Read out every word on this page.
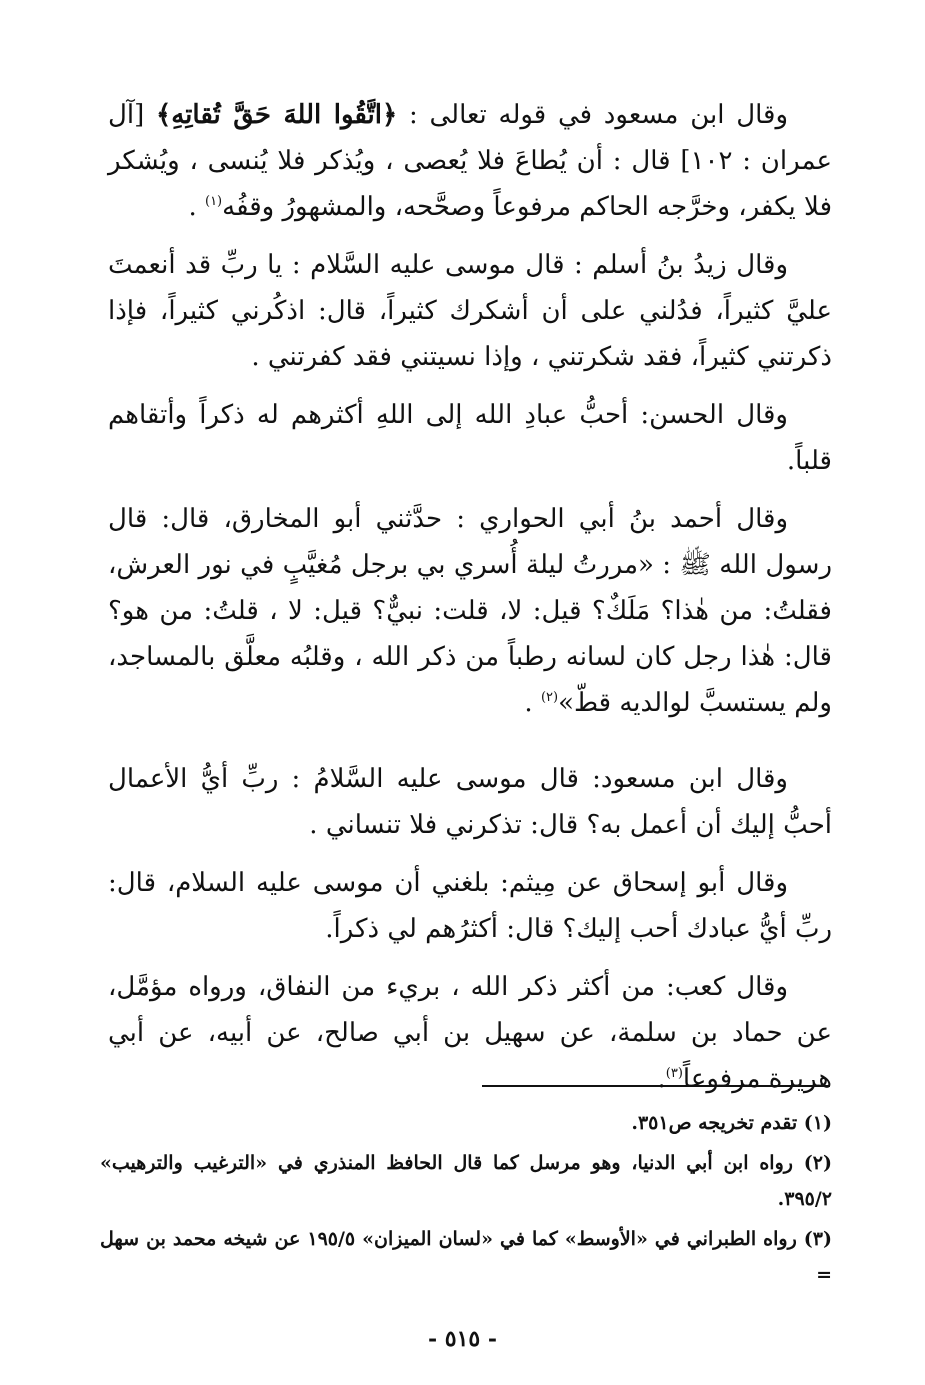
وقال ابن مسعود في قوله تعالى : ﴿اتَّقُوا اللهَ حَقَّ تُقاتِهِ﴾ [آل عمران : ١٠٢] قال : أن يُطاعَ فلا يُعصى ، ويُذكر فلا يُنسى ، ويُشكر فلا يكفر، وخرَّجه الحاكم مرفوعاً وصحَّحه، والمشهورُ وقفُه$^{(١)}$ .

وقال زيدُ بنُ أسلم : قال موسى عليه السَّلام : يا ربِّ قد أنعمتَ عليَّ كثيراً، فدُلني على أن أشكرك كثيراً، قال: اذكُرني كثيراً، فإذا ذكرتني كثيراً، فقد شكرتني ، وإذا نسيتني فقد كفرتني .

وقال الحسن: أحبُّ عبادِ الله إلى اللهِ أكثرهم له ذكراً وأتقاهم قلباً.

وقال أحمد بنُ أبي الحواري : حدَّثني أبو المخارق، قال: قال رسول الله ﷺ : «مررتُ ليلة أُسري بي برجل مُغيَّبٍ في نور العرش، فقلتُ: من هٰذا؟ مَلَكٌ؟ قيل: لا، قلت: نبيٌّ؟ قيل: لا ، قلتُ: من هو؟ قال: هٰذا رجل كان لسانه رطباً من ذكر الله ، وقلبُه معلَّق بالمساجد، ولم يستسبَّ لوالديه قطّ»$^{(٢)}$ .

وقال ابن مسعود: قال موسى عليه السَّلامُ : ربِّ أيُّ الأعمال أحبُّ إليك أن أعمل به؟ قال: تذكرني فلا تنساني .

وقال أبو إسحاق عن مِيثم: بلغني أن موسى عليه السلام، قال: ربِّ أيُّ عبادك أحب إليك؟ قال: أكثرُهم لي ذكراً.

وقال كعب: من أكثر ذكر الله ، بريء من النفاق، ورواه مؤمَّل، عن حماد بن سلمة، عن سهيل بن أبي صالح، عن أبيه، عن أبي هريرة مرفوعاً$^{(٣)}$.

(١) تقدم تخريجه ص٣٥١.

(٢) رواه ابن أبي الدنيا، وهو مرسل كما قال الحافظ المنذري في «الترغيب والترهيب» ٣٩٥/٢.

(٣) رواه الطبراني في «الأوسط» كما في «لسان الميزان» ١٩٥/٥ عن شيخه محمد بن سهل =

- ٥١٥ -
